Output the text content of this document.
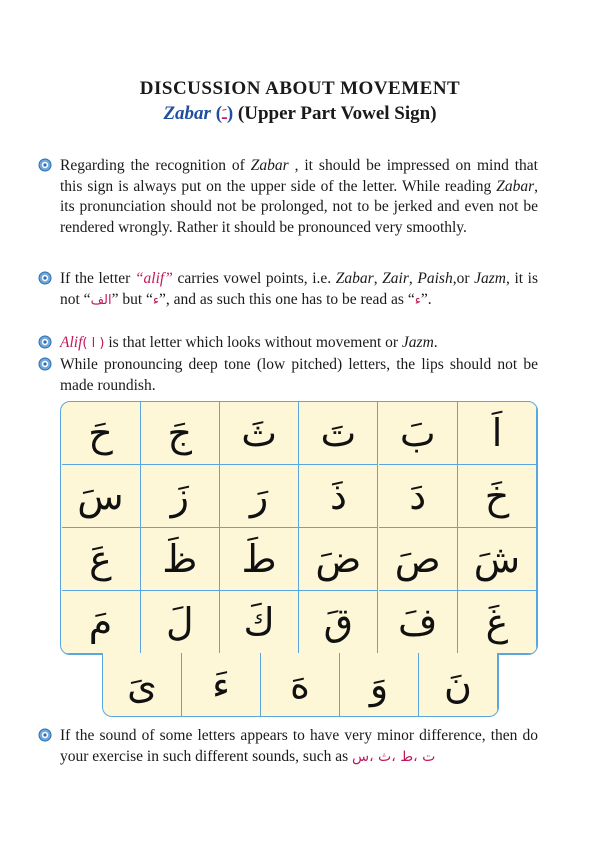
DISCUSSION ABOUT MOVEMENT
Zabar (ـَ) (Upper Part Vowel Sign)
Regarding the recognition of Zabar , it should be impressed on mind that this sign is always put on the upper side of the letter. While reading Zabar, its pronunciation should not be prolonged, not to be jerked and even not be rendered wrongly. Rather it should be pronounced very smoothly.
If the letter “alif” carries vowel points, i.e. Zabar, Zair, Paish,or Jazm, it is not “الف” but “ء”, and as such this one has to be read as “ء”.
Alif( ا ) is that letter which looks without movement or Jazm.
While pronouncing deep tone (low pitched) letters, the lips should not be made roundish.
اَ
بَ
تَ
ثَ
جَ
حَ
خَ
دَ
ذَ
رَ
زَ
سَ
شَ
صَ
ضَ
طَ
ظَ
عَ
غَ
فَ
قَ
كَ
لَ
مَ
نَ
وَ
هَ
ءَ
ىَ
If the sound of some letters appears to have very minor difference, then do your exercise in such different sounds, such as ت ،ط ،ث ،س
